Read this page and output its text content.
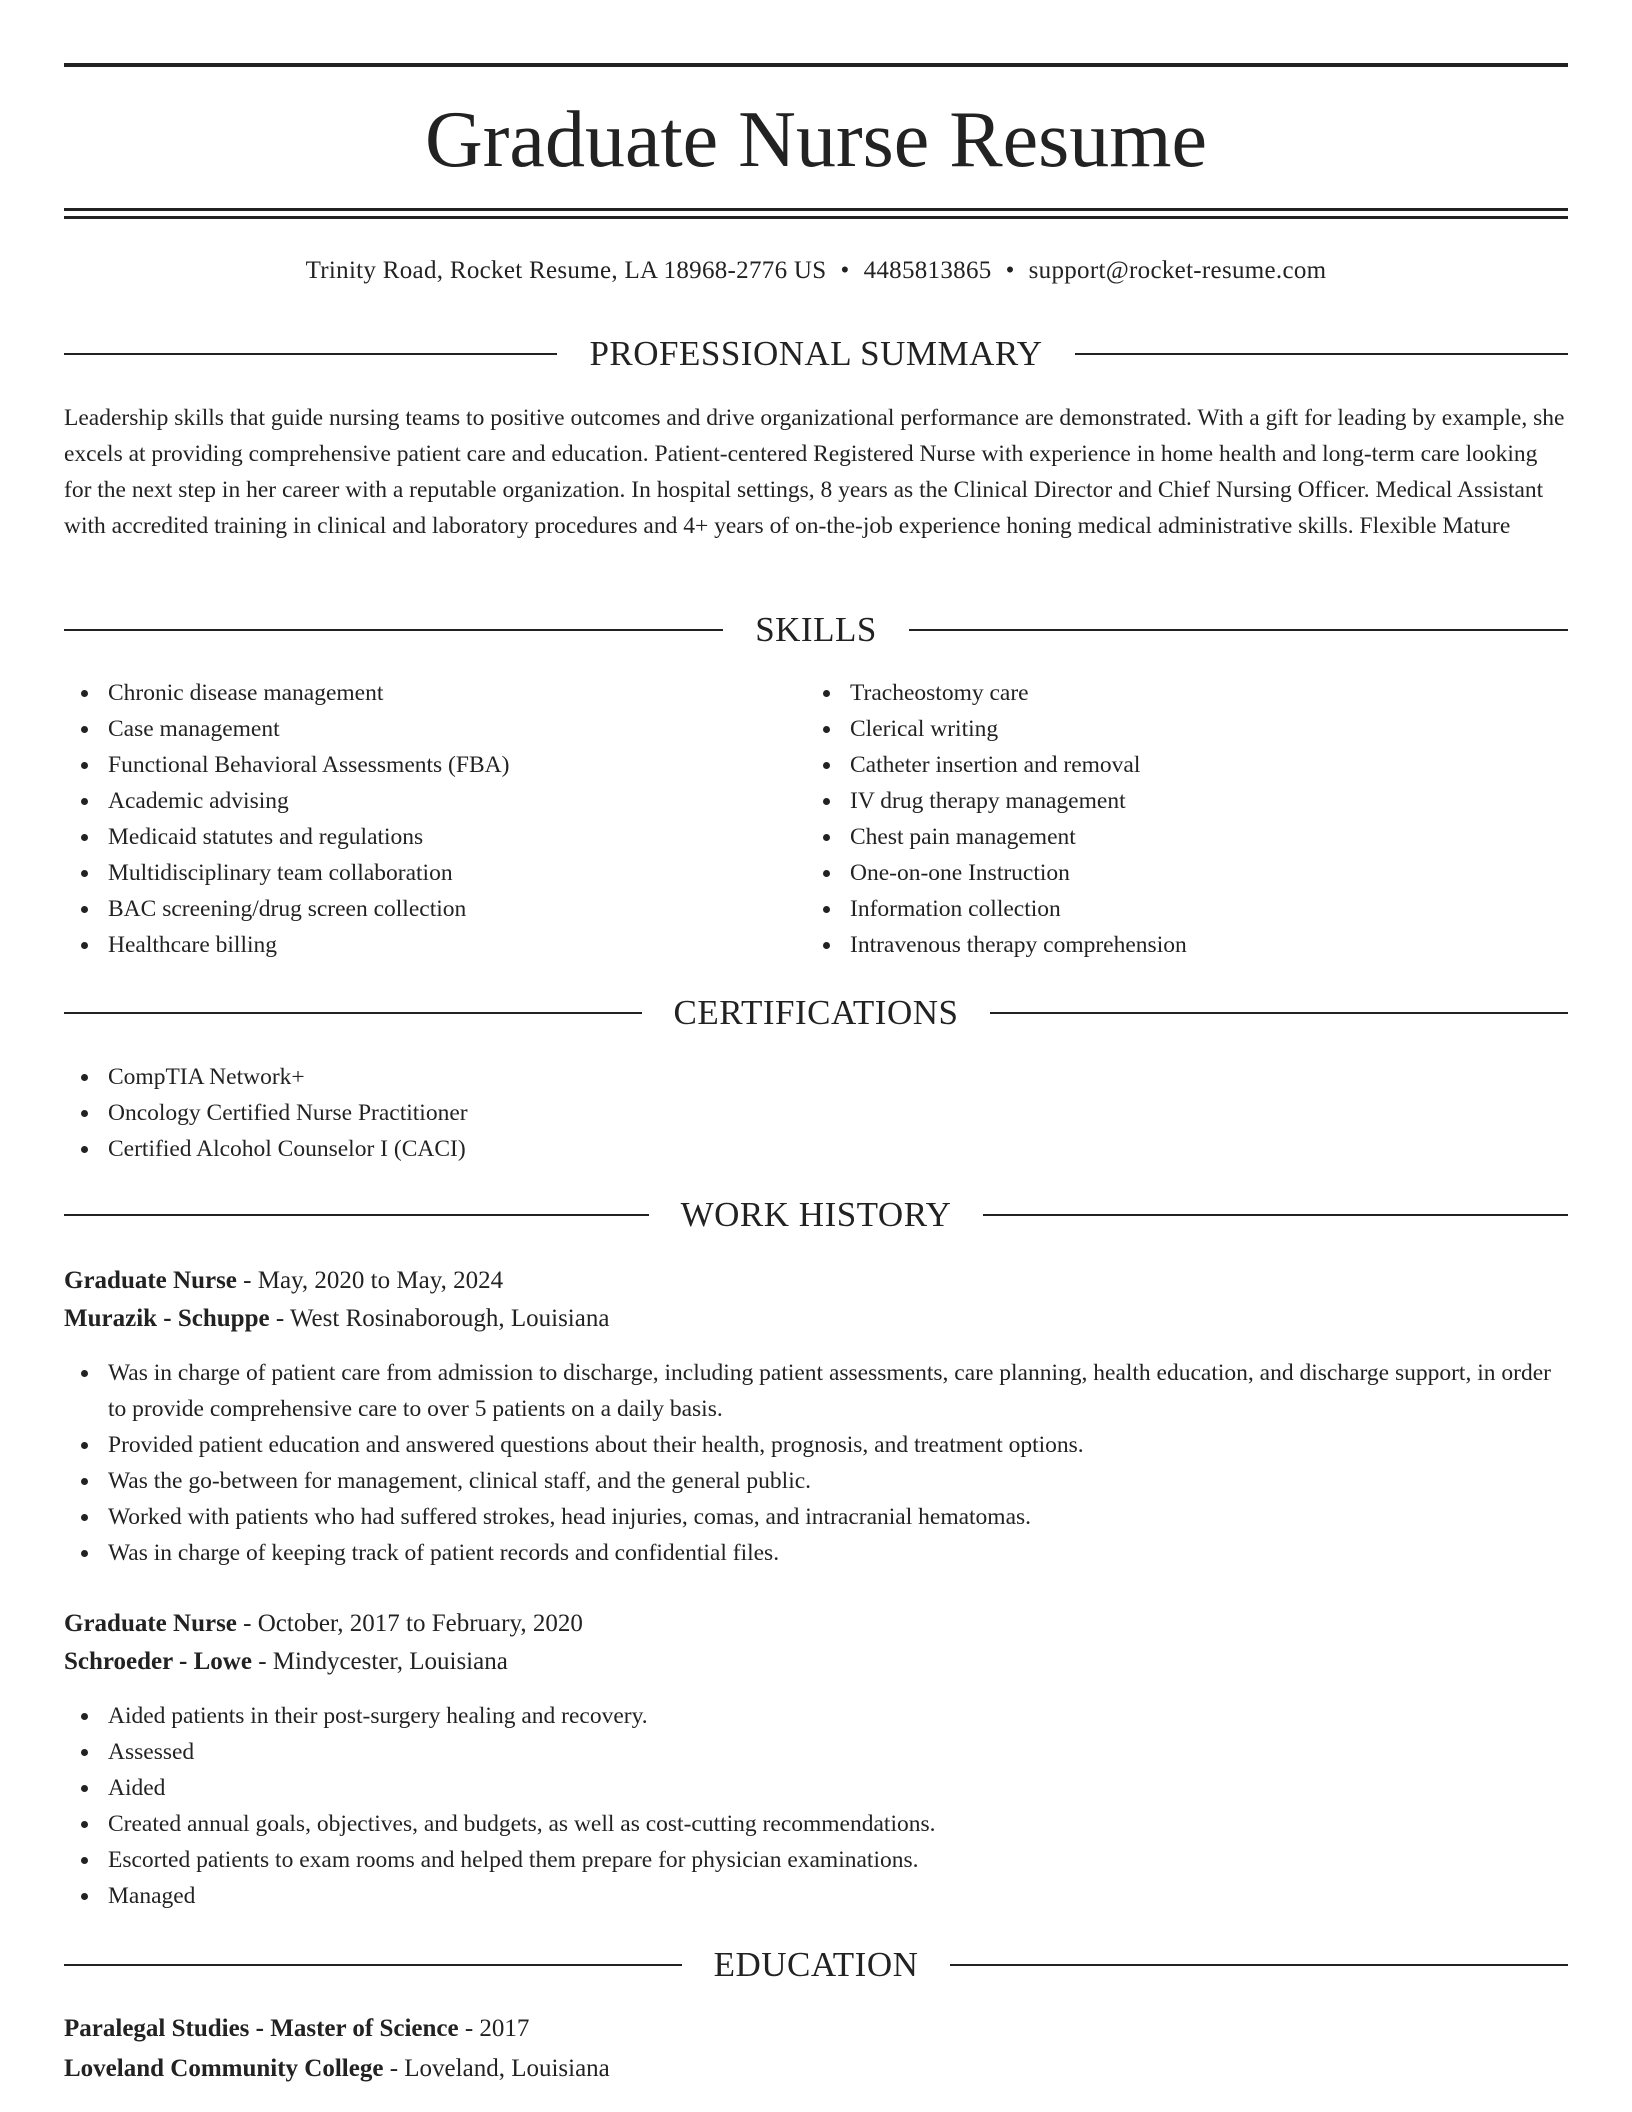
Graduate Nurse Resume
Trinity Road, Rocket Resume, LA 18968-2776 US • 4485813865 • support@rocket-resume.com
PROFESSIONAL SUMMARY

Leadership skills that guide nursing teams to positive outcomes and drive organizational performance are demonstrated. With a gift for leading by example, she excels at providing comprehensive patient care and education. Patient-centered Registered Nurse with experience in home health and long-term care looking for the next step in her career with a reputable organization. In hospital settings, 8 years as the Clinical Director and Chief Nursing Officer. Medical Assistant with accredited training in clinical and laboratory procedures and 4+ years of on-the-job experience honing medical administrative skills. Flexible Mature

SKILLS
Chronic disease management
Case management
Functional Behavioral Assessments (FBA)
Academic advising
Medicaid statutes and regulations
Multidisciplinary team collaboration
BAC screening/drug screen collection
Healthcare billing
Tracheostomy care
Clerical writing
Catheter insertion and removal
IV drug therapy management
Chest pain management
One-on-one Instruction
Information collection
Intravenous therapy comprehension
CERTIFICATIONS
CompTIA Network+
Oncology Certified Nurse Practitioner
Certified Alcohol Counselor I (CACI)
WORK HISTORY
Graduate Nurse - May, 2020 to May, 2024
Murazik - Schuppe - West Rosinaborough, Louisiana
Was in charge of patient care from admission to discharge, including patient assessments, care planning, health education, and discharge support, in order to provide comprehensive care to over 5 patients on a daily basis.
Provided patient education and answered questions about their health, prognosis, and treatment options.
Was the go-between for management, clinical staff, and the general public.
Worked with patients who had suffered strokes, head injuries, comas, and intracranial hematomas.
Was in charge of keeping track of patient records and confidential files.
Graduate Nurse - October, 2017 to February, 2020
Schroeder - Lowe - Mindycester, Louisiana
Aided patients in their post-surgery healing and recovery.
Assessed
Aided
Created annual goals, objectives, and budgets, as well as cost-cutting recommendations.
Escorted patients to exam rooms and helped them prepare for physician examinations.
Managed
EDUCATION
Paralegal Studies - Master of Science - 2017
Loveland Community College - Loveland, Louisiana
